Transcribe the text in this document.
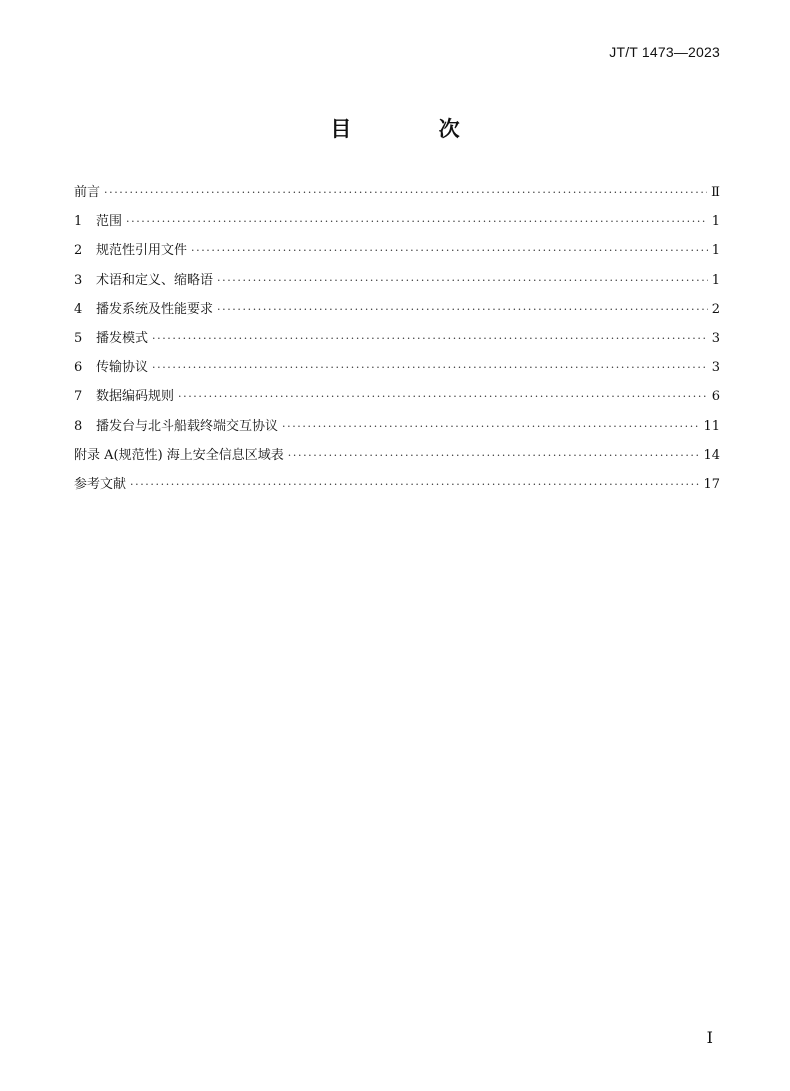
JT/T 1473—2023
目 次
前言 ·····	Ⅱ
1	范围 ·····	1
2	规范性引用文件 ·····	1
3	术语和定义、缩略语 ·····	1
4	播发系统及性能要求 ·····	2
5	播发模式 ·····	3
6	传输协议 ·····	3
7	数据编码规则 ·····	6
8	播发台与北斗船载终端交互协议 ·····	11
附录 A(规范性) 海上安全信息区域表 ·····	14
参考文献 ·····	17
Ⅰ
